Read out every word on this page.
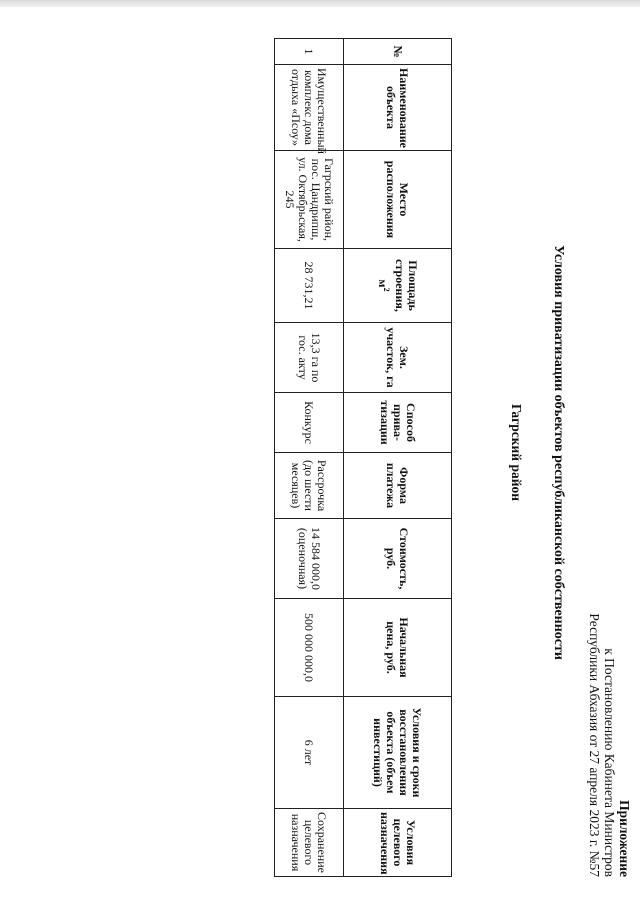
Приложение
к Постановлению Кабинета Министров
Республики Абхазия от 27 апреля 2023 г. №57
Условия приватизации объектов республиканской собственности
Гагрский район
№	Наименование объекта	Место расположения	Площадь строения, $м^2$	Зем. участок, га	Способ прива-тизации	Форма платежа	Стоимость, руб.	Начальная цена, руб.	Условия и сроки восстановления объекта (объем инвестиций)	Условия целевого назначения
1	Имущественный комплекс дома отдыха «Псоу»	Гагрский район, пос. Цандрипш, ул. Октябрьская, 245	28 731,21	13,3 га по гос. акту	Конкурс	Рассрочка (до шести месяцев)	14 584 000,0 (оценочная)	500 000 000,0	6 лет	Сохранение целевого назначения
